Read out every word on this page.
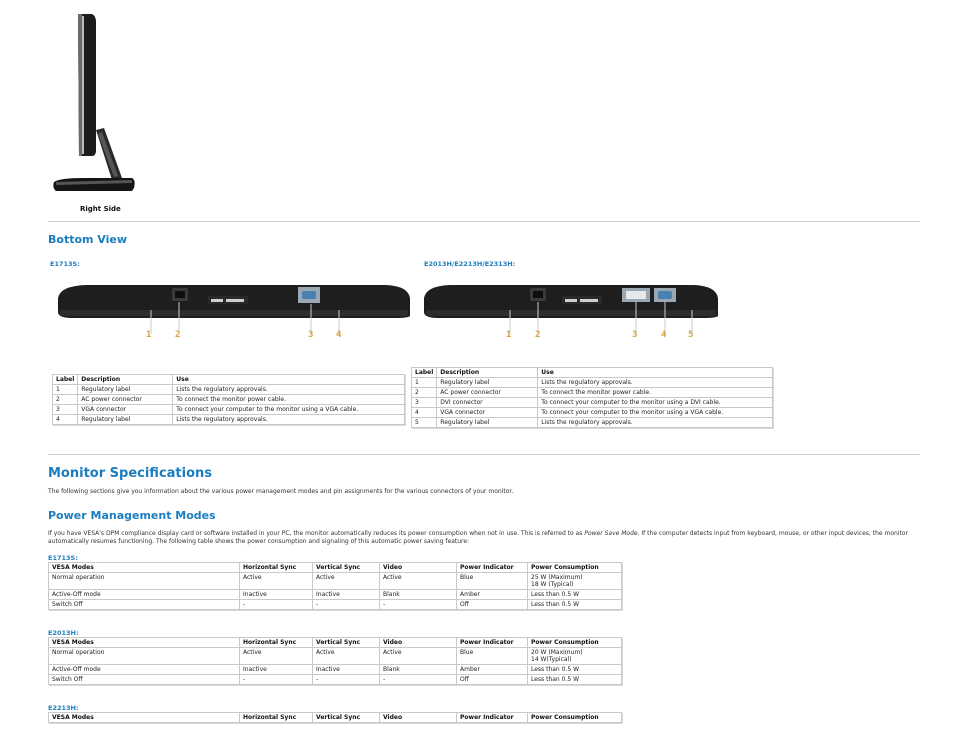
Right Side
Bottom View
E1713S:	E2013H/E2213H/E2313H:
1	2	3	4	1	2	3	4 5
Label	Description	Use
1	Regulatory label	Lists the regulatory approvals.
2	AC power connector	To connect the monitor power cable.
3	VGA connector	To connect your computer to the monitor using a VGA cable.
4	Regulatory label	Lists the regulatory approvals.
Label	Description	Use
1	Regulatory label	Lists the regulatory approvals.
2	AC power connector	To connect the monitor power cable.
3	DVI connector	To connect your computer to the monitor using a DVI cable.
4	VGA connector	To connect your computer to the monitor using a VGA cable.
5	Regulatory label	Lists the regulatory approvals.
Monitor Specifications
The following sections give you information about the various power management modes and pin assignments for the various connectors of your monitor.
Power Management Modes
If you have VESA's DPM compliance display card or software installed in your PC, the monitor automatically reduces its power consumption when not in use. This is referred to as Power Save Mode. If the computer detects input from keyboard, mouse, or other input devices, the monitor automatically resumes functioning. The following table shows the power consumption and signaling of this automatic power saving feature:
E1713S:
VESA Modes	Horizontal Sync	Vertical Sync	Video	Power Indicator	Power Consumption
Normal operation	Active	Active	Active	Blue	25 W (Maximum)
18 W (Typical)

Active-Off mode	Inactive	Inactive	Blank	Amber	Less than 0.5 W
Switch Off	-	-	-	Off	Less than 0.5 W
E2013H:
VESA Modes	Horizontal Sync	Vertical Sync	Video	Power Indicator	Power Consumption
Normal operation	Active	Active	Active	Blue	20 W (Maximum)
14 W(Typical)

Active-Off mode	Inactive	Inactive	Blank	Amber	Less than 0.5 W
Switch Off	-	-	-	Off	Less than 0.5 W
E2213H:
VESA Modes	Horizontal Sync	Vertical Sync	Video	Power Indicator	Power Consumption
